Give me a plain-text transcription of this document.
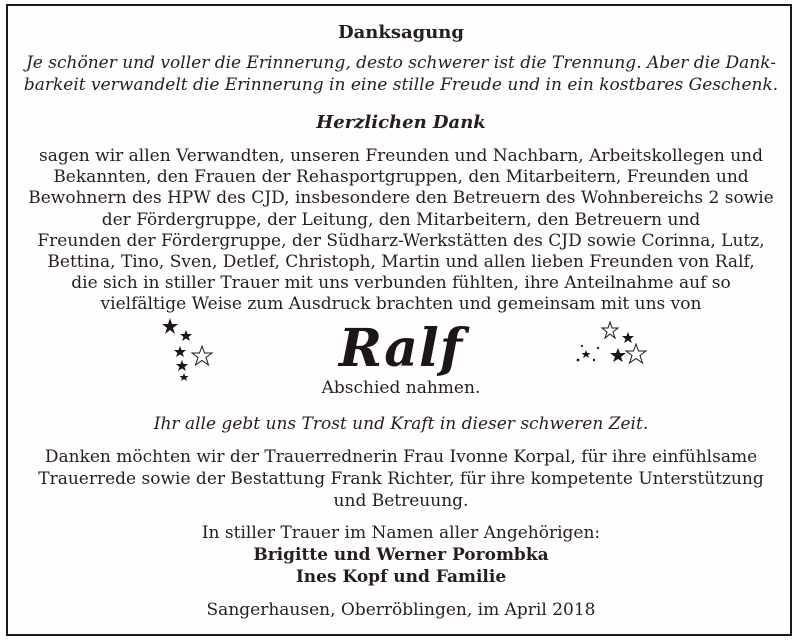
Danksagung
Je schöner und voller die Erinnerung, desto schwerer ist die Trennung. Aber die Dank-
barkeit verwandelt die Erinnerung in eine stille Freude und in ein kostbares Geschenk.
Herzlichen Dank
sagen wir allen Verwandten, unseren Freunden und Nachbarn, Arbeitskollegen und
Bekannten, den Frauen der Rehasportgruppen, den Mitarbeitern, Freunden und
Bewohnern des HPW des CJD, insbesondere den Betreuern des Wohnbereichs 2 sowie
der Fördergruppe, der Leitung, den Mitarbeitern, den Betreuern und
Freunden der Fördergruppe, der Südharz-Werkstätten des CJD sowie Corinna, Lutz,
Bettina, Tino, Sven, Detlef, Christoph, Martin und allen lieben Freunden von Ralf,
die sich in stiller Trauer mit uns verbunden fühlten, ihre Anteilnahme auf so
vielfältige Weise zum Ausdruck brachten und gemeinsam mit uns von
Ralf
Abschied nahmen.
Ihr alle gebt uns Trost und Kraft in dieser schweren Zeit.
Danken möchten wir der Trauerrednerin Frau Ivonne Korpal, für ihre einfühlsame
Trauerrede sowie der Bestattung Frank Richter, für ihre kompetente Unterstützung
und Betreuung.
In stiller Trauer im Namen aller Angehörigen:
Brigitte und Werner Porombka
Ines Kopf und Familie
Sangerhausen, Oberröblingen, im April 2018
